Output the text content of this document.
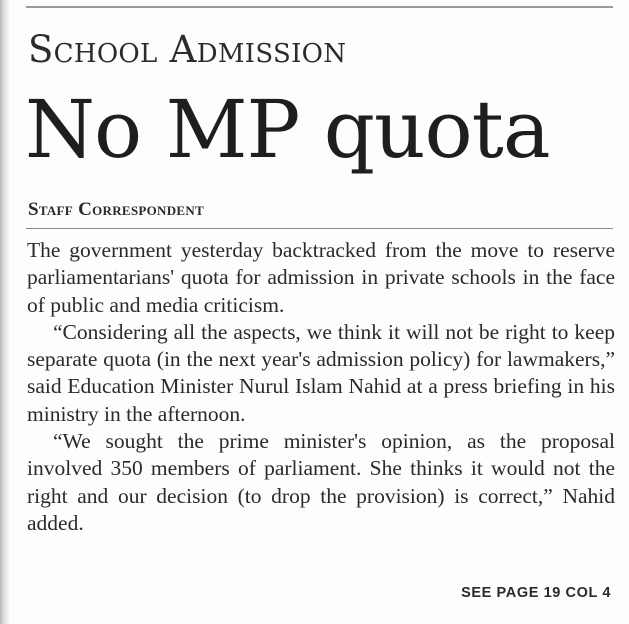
School Admission
No MP quota

Staff Correspondent

The government yesterday backtracked from the move to reserve parliamentarians' quota for admission in private schools in the face of public and media criticism.

“Considering all the aspects, we think it will not be right to keep separate quota (in the next year's admission policy) for lawmakers,” said Education Minister Nurul Islam Nahid at a press briefing in his ministry in the afternoon.

“We sought the prime minister's opinion, as the proposal involved 350 members of parliament. She thinks it would not the right and our decision (to drop the provision) is correct,” Nahid added.

SEE PAGE 19 COL 4
